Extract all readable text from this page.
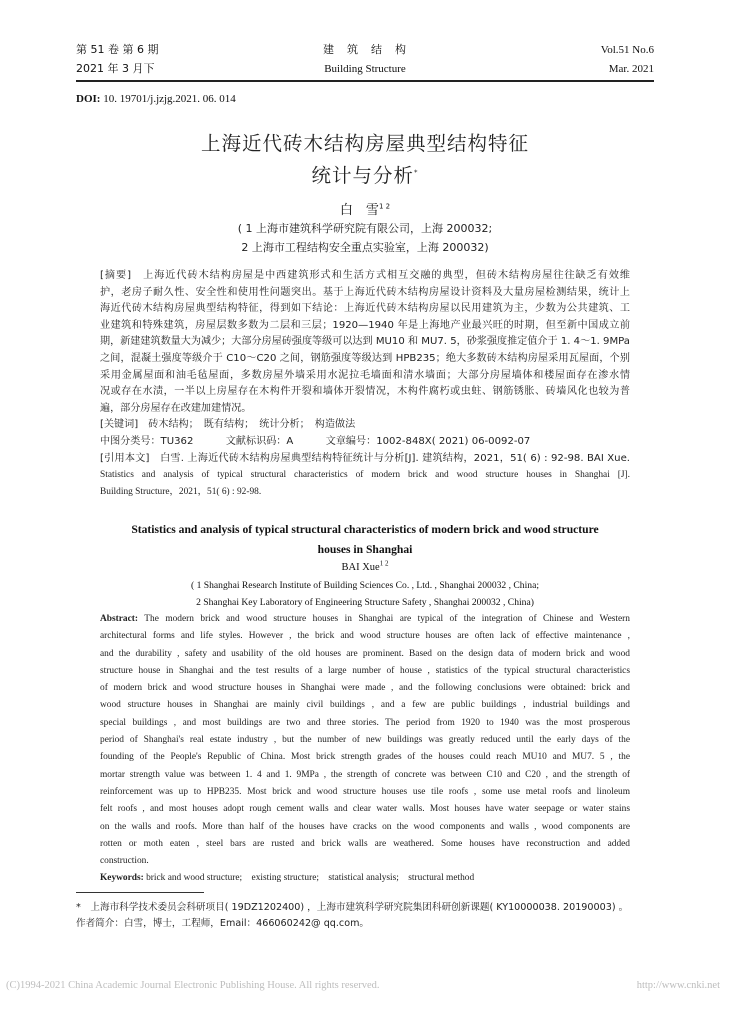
第 51 卷 第 6 期
2021 年 3 月下
建　筑　结　构
Building Structure
Vol.51 No.6
Mar. 2021
DOI: 10. 19701/j.jzjg.2021. 06. 014
上海近代砖木结构房屋典型结构特征
统计与分析*
白　雪$^{1 2}$
( 1 上海市建筑科学研究院有限公司，上海 200032;
2 上海市工程结构安全重点实验室，上海 200032)
[摘要]　上海近代砖木结构房屋是中西建筑形式和生活方式相互交融的典型，但砖木结构房屋往往缺乏有效维
护，老房子耐久性、安全性和使用性问题突出。基于上海近代砖木结构房屋设计资料及大量房屋检测结果，统计上
海近代砖木结构房屋典型结构特征，得到如下结论：上海近代砖木结构房屋以民用建筑为主，少数为公共建筑、工
业建筑和特殊建筑，房屋层数多数为二层和三层；1920—1940 年是上海地产业最兴旺的时期，但至新中国成立前
期，新建建筑数量大为减少；大部分房屋砖强度等级可以达到 MU10 和 MU7. 5，砂浆强度推定值介于 1. 4～1. 9MPa
之间，混凝土强度等级介于 C10～C20 之间，钢筋强度等级达到 HPB235；绝大多数砖木结构房屋采用瓦屋面，个别
采用金属屋面和油毛毡屋面，多数房屋外墙采用水泥拉毛墙面和清水墙面；大部分房屋墙体和楼屋面存在渗水情
况或存在水渍，一半以上房屋存在木构件开裂和墙体开裂情况，木构件腐朽或虫蛀、钢筋锈胀、砖墙风化也较为普
遍，部分房屋存在改建加建情况。
[关键词]　砖木结构；　既有结构；　统计分析；　构造做法
中图分类号：TU362	文献标识码：A	文章编号：1002-848X( 2021) 06-0092-07
[引用本文]　白雪. 上海近代砖木结构房屋典型结构特征统计与分析[J]. 建筑结构，2021，51( 6) : 92-98. BAI Xue.
Statistics and analysis of typical structural characteristics of modern brick and wood structure houses in Shanghai [J].
Building Structure，2021，51( 6) : 92-98.
Statistics and analysis of typical structural characteristics of modern brick and wood structure
houses in Shanghai
BAI Xue$^{1 2}$
( 1 Shanghai Research Institute of Building Sciences Co. , Ltd. , Shanghai 200032 , China;
2 Shanghai Key Laboratory of Engineering Structure Safety , Shanghai 200032 , China)
Abstract: The modern brick and wood structure houses in Shanghai are typical of the integration of Chinese and Western
architectural forms and life styles. However , the brick and wood structure houses are often lack of effective maintenance ,
and the durability , safety and usability of the old houses are prominent. Based on the design data of modern brick and wood
structure house in Shanghai and the test results of a large number of house , statistics of the typical structural characteristics
of modern brick and wood structure houses in Shanghai were made , and the following conclusions were obtained: brick and
wood structure houses in Shanghai are mainly civil buildings , and a few are public buildings , industrial buildings and
special buildings , and most buildings are two and three stories. The period from 1920 to 1940 was the most prosperous
period of Shanghai's real estate industry , but the number of new buildings was greatly reduced until the early days of the
founding of the People's Republic of China. Most brick strength grades of the houses could reach MU10 and MU7. 5 , the
mortar strength value was between 1. 4 and 1. 9MPa , the strength of concrete was between C10 and C20 , and the strength of
reinforcement was up to HPB235. Most brick and wood structure houses use tile roofs , some use metal roofs and linoleum
felt roofs , and most houses adopt rough cement walls and clear water walls. Most houses have water seepage or water stains
on the walls and roofs. More than half of the houses have cracks on the wood components and walls , wood components are
rotten or moth eaten , steel bars are rusted and brick walls are weathered. Some houses have reconstruction and added
construction.
Keywords: brick and wood structure;　existing structure;　statistical analysis;　structural method
*　上海市科学技术委员会科研项目( 19DZ1202400) ，上海市建筑科学研究院集团科研创新课题( KY10000038. 20190003) 。
作者简介：白雪，博士，工程师，Email：466060242@ qq.com。
(C)1994-2021 China Academic Journal Electronic Publishing House. All rights reserved.	http://www.cnki.net
